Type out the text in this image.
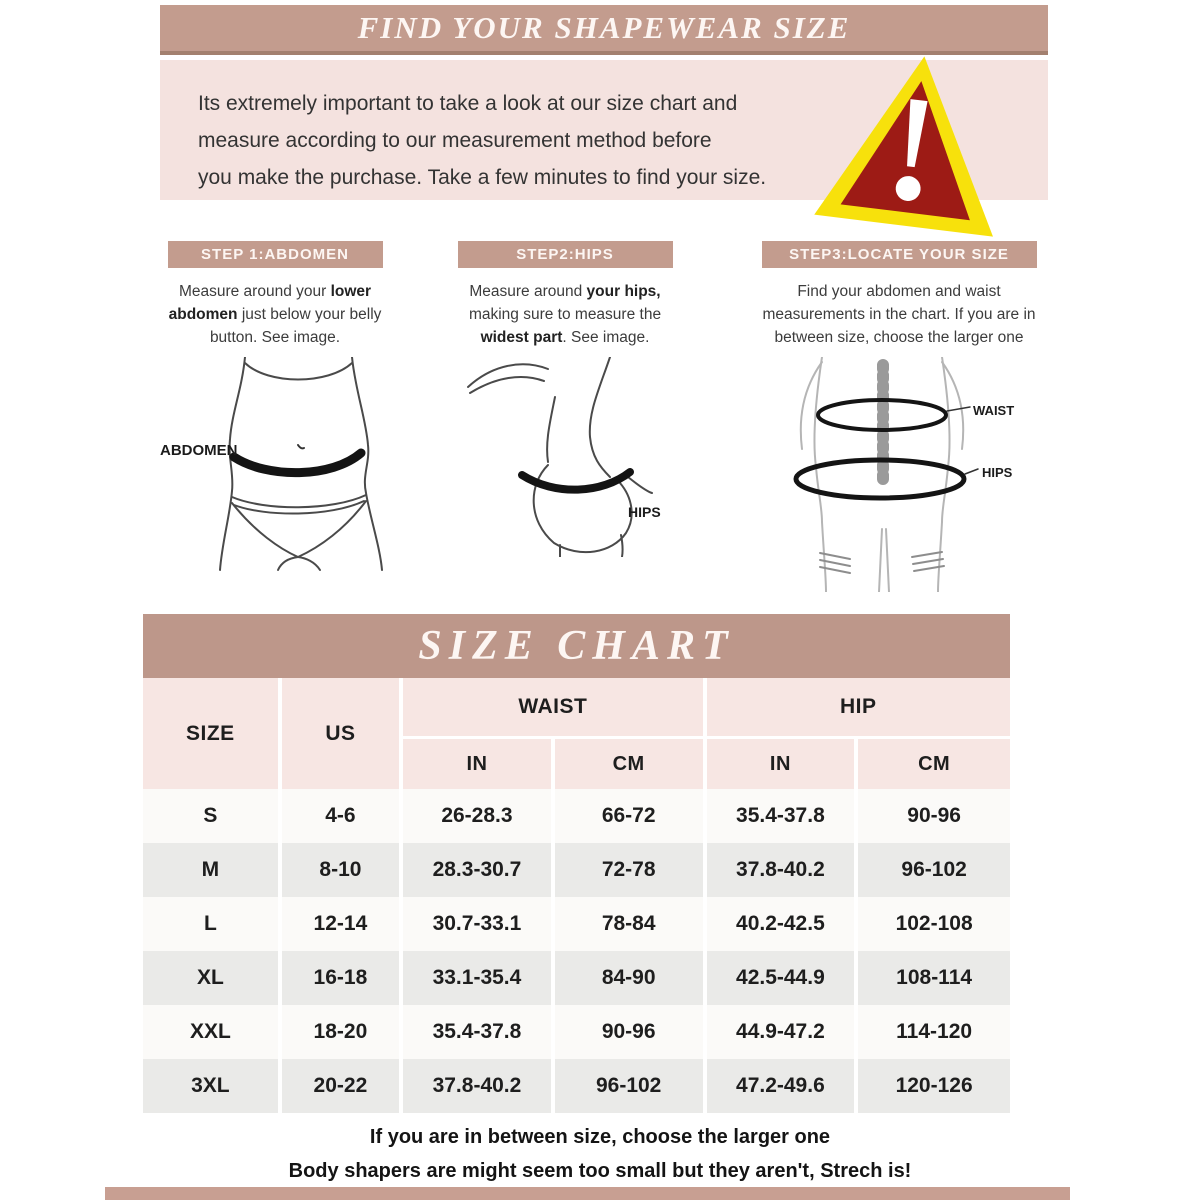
FIND YOUR SHAPEWEAR SIZE
Its extremely important to take a look at our size chart and
measure according to our measurement method before
you make the purchase. Take a few minutes to find your size.
STEP 1:ABDOMEN
Measure around your lower abdomen just below your belly button. See image.
ABDOMEN
STEP2:HIPS
Measure around your hips, making sure to measure the widest part. See image.
HIPS
STEP3:LOCATE YOUR SIZE
Find your abdomen and waist measurements in the chart. If you are in between size, choose the larger one
WAIST
HIPS
SIZE CHART
SIZE	US	WAIST		HIP	
		IN	CM	IN	CM
S	4-6	26-28.3	66-72	35.4-37.8	90-96
M	8-10	28.3-30.7	72-78	37.8-40.2	96-102
L	12-14	30.7-33.1	78-84	40.2-42.5	102-108
XL	16-18	33.1-35.4	84-90	42.5-44.9	108-114
XXL	18-20	35.4-37.8	90-96	44.9-47.2	114-120
3XL	20-22	37.8-40.2	96-102	47.2-49.6	120-126
If you are in between size, choose the larger one
Body shapers are might seem too small but they aren't, Strech is!
